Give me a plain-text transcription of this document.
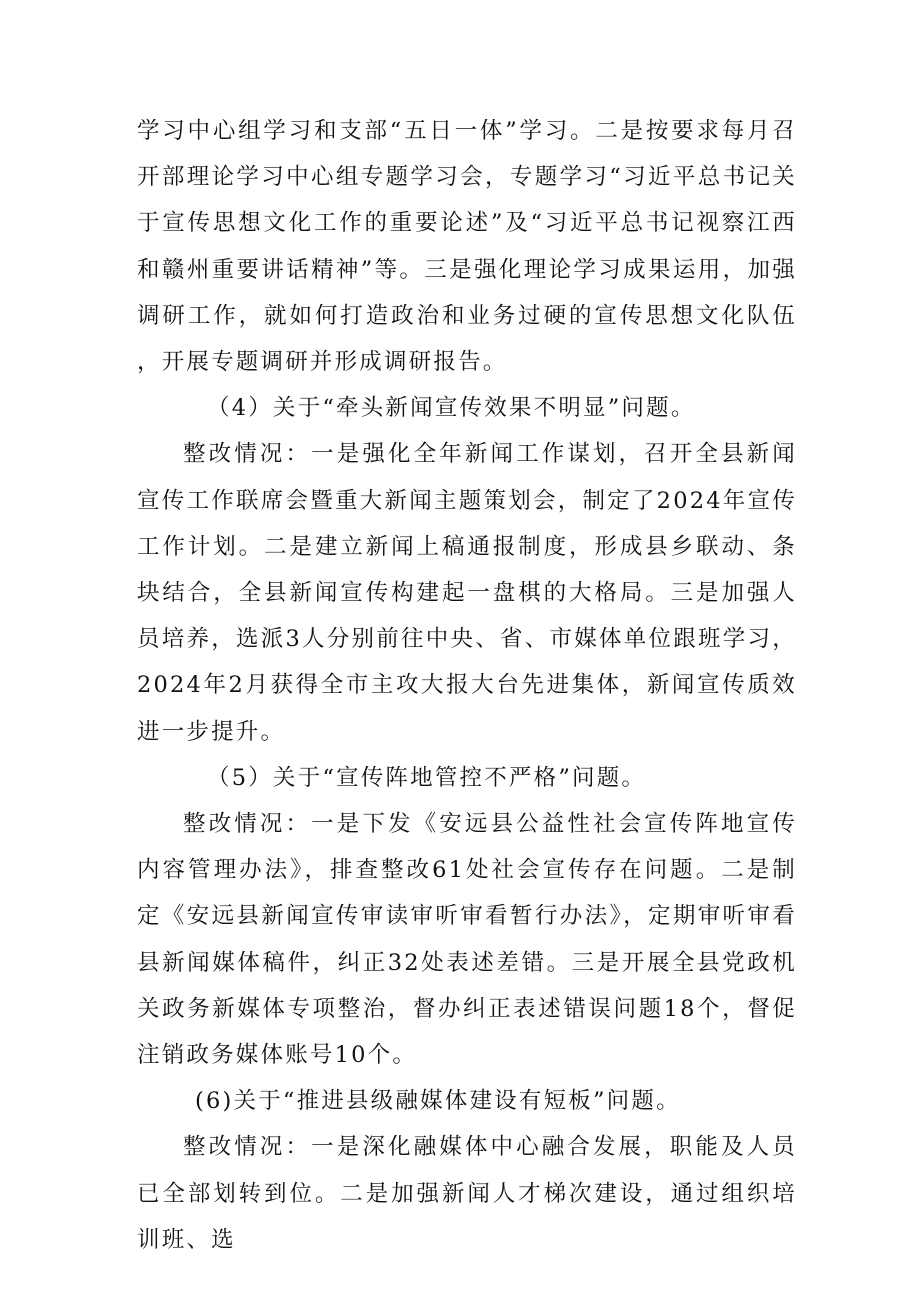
学习中心组学习和支部“五日一体”学习。二是按要求每月召开部理论学习中心组专题学习会，专题学习“习近平总书记关于宣传思想文化工作的重要论述”及“习近平总书记视察江西和赣州重要讲话精神”等。三是强化理论学习成果运用，加强调研工作，就如何打造政治和业务过硬的宣传思想文化队伍，开展专题调研并形成调研报告。

（4）关于“牵头新闻宣传效果不明显”问题。

整改情况：一是强化全年新闻工作谋划，召开全县新闻宣传工作联席会暨重大新闻主题策划会，制定了2024年宣传工作计划。二是建立新闻上稿通报制度，形成县乡联动、条块结合，全县新闻宣传构建起一盘棋的大格局。三是加强人员培养，选派3人分别前往中央、省、市媒体单位跟班学习，2024年2月获得全市主攻大报大台先进集体，新闻宣传质效进一步提升。

（5）关于“宣传阵地管控不严格”问题。

整改情况：一是下发《安远县公益性社会宣传阵地宣传内容管理办法》，排查整改61处社会宣传存在问题。二是制定《安远县新闻宣传审读审听审看暂行办法》，定期审听审看县新闻媒体稿件，纠正32处表述差错。三是开展全县党政机关政务新媒体专项整治，督办纠正表述错误问题18个，督促注销政务媒体账号10个。

(6)关于“推进县级融媒体建设有短板”问题。

整改情况：一是深化融媒体中心融合发展，职能及人员已全部划转到位。二是加强新闻人才梯次建设，通过组织培训班、选
